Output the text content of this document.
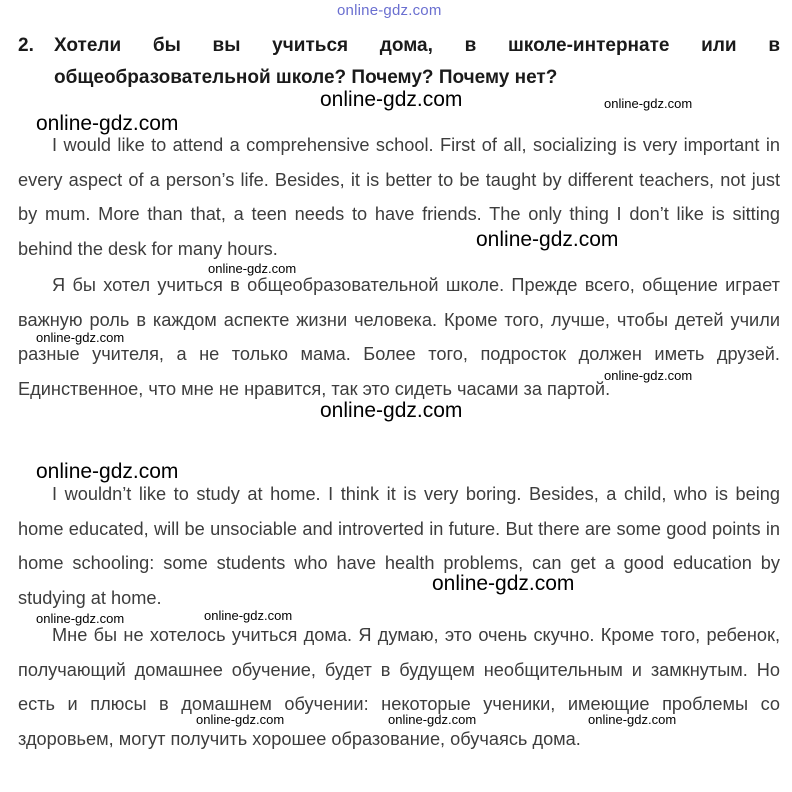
online-gdz.com
2. Хотели бы вы учиться дома, в школе-интернате или в
общеобразовательной школе? Почему? Почему нет?

I would like to attend a comprehensive school. First of all, socializing is very important in every aspect of a person’s life. Besides, it is better to be taught by different teachers, not just by mum. More than that, a teen needs to have friends. The only thing I don’t like is sitting behind the desk for many hours.

Я бы хотел учиться в общеобразовательной школе. Прежде всего, общение играет важную роль в каждом аспекте жизни человека. Кроме того, лучше, чтобы детей учили разные учителя, а не только мама. Более того, подросток должен иметь друзей. Единственное, что мне не нравится, так это сидеть часами за партой.

I wouldn’t like to study at home. I think it is very boring. Besides, a child, who is being home educated, will be unsociable and introverted in future. But there are some good points in home schooling: some students who have health problems, can get a good education by studying at home.

Мне бы не хотелось учиться дома. Я думаю, это очень скучно. Кроме того, ребенок, получающий домашнее обучение, будет в будущем необщительным и замкнутым. Но есть и плюсы в домашнем обучении: некоторые ученики, имеющие проблемы со здоровьем, могут получить хорошее образование, обучаясь дома.

online-gdz.com	online-gdz.com
online-gdz.com
online-gdz.com
online-gdz.com
online-gdz.com
online-gdz.com
online-gdz.com
online-gdz.com
online-gdz.com
online-gdz.com
online-gdz.com
online-gdz.com	online-gdz.com	online-gdz.com
